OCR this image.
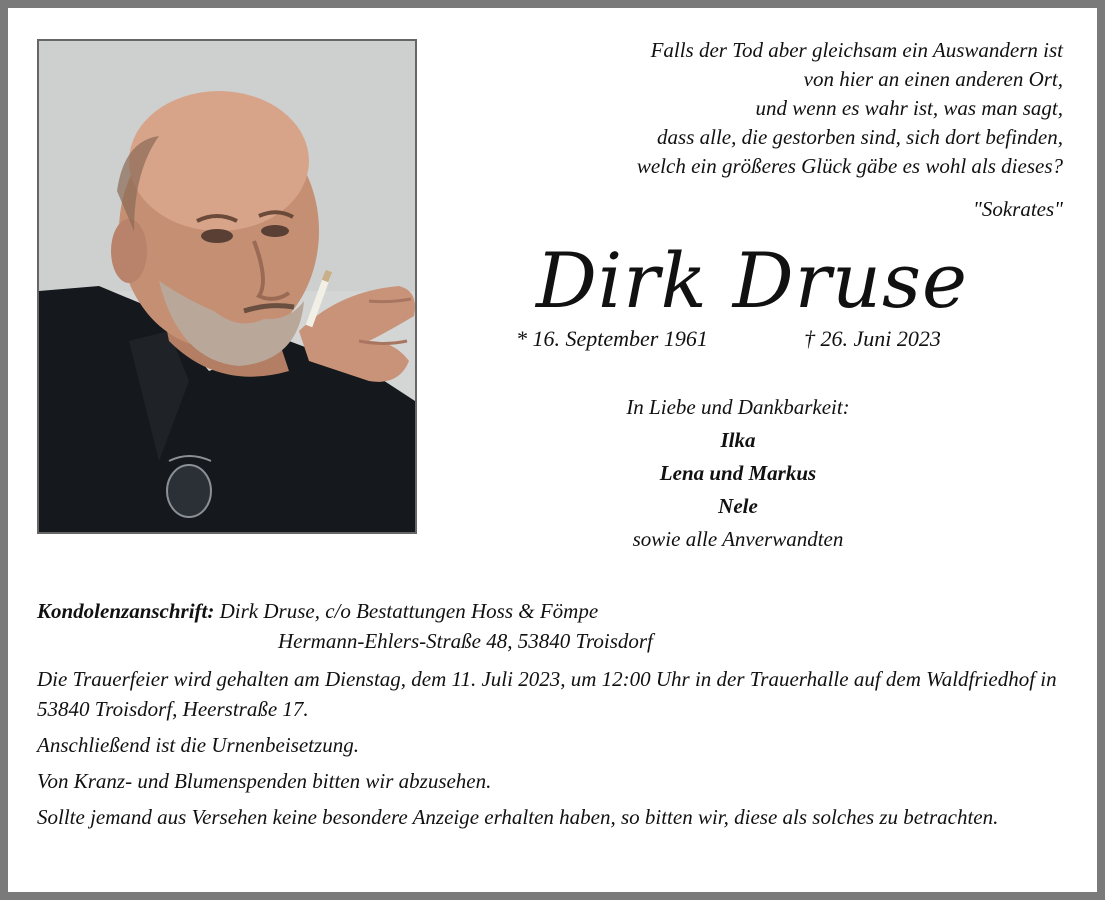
Falls der Tod aber gleichsam ein Auswandern ist
von hier an einen anderen Ort,
und wenn es wahr ist, was man sagt,
dass alle, die gestorben sind, sich dort befinden,
welch ein größeres Glück gäbe es wohl als dieses?
"Sokrates"
Dirk Druse
* 16. September 1961	† 26. Juni 2023
In Liebe und Dankbarkeit:
Ilka
Lena und Markus
Nele
sowie alle Anverwandten
Kondolenzanschrift: Dirk Druse, c/o Bestattungen Hoss & Fömpe
Hermann-Ehlers-Straße 48, 53840 Troisdorf

Die Trauerfeier wird gehalten am Dienstag, dem 11. Juli 2023, um 12:00 Uhr in der Trauerhalle auf dem Waldfriedhof in 53840 Troisdorf, Heerstraße 17.

Anschließend ist die Urnenbeisetzung.

Von Kranz- und Blumenspenden bitten wir abzusehen.

Sollte jemand aus Versehen keine besondere Anzeige erhalten haben, so bitten wir, diese als solches zu betrachten.
